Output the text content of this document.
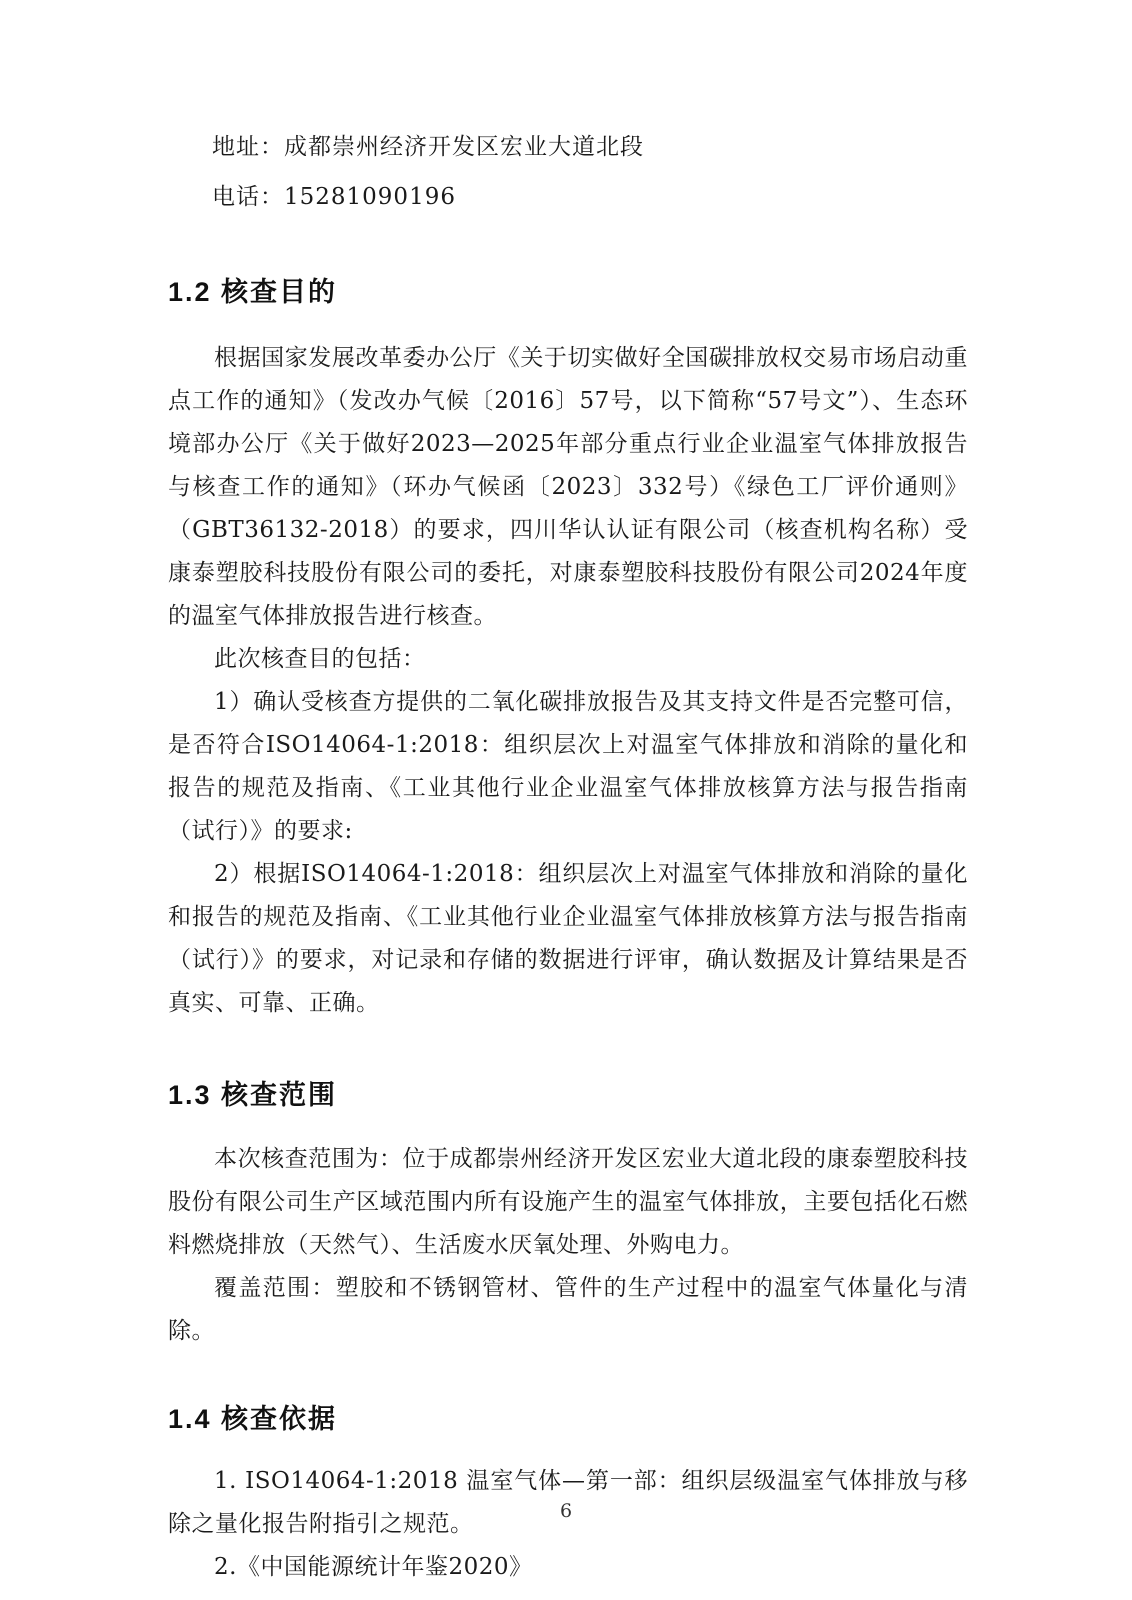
地址：成都崇州经济开发区宏业大道北段
电话：15281090196
1.2 核查目的

根据国家发展改革委办公厅《关于切实做好全国碳排放权交易市场启动重点工作的通知》（发改办气候〔2016〕57号，以下简称“57号文”）、生态环境部办公厅《关于做好2023—2025年部分重点行业企业温室气体排放报告与核查工作的通知》（环办气候函〔2023〕332号）《绿色工厂评价通则》（GBT36132-2018）的要求，四川华认认证有限公司（核查机构名称）受康泰塑胶科技股份有限公司的委托，对康泰塑胶科技股份有限公司2024年度的温室气体排放报告进行核查。

此次核查目的包括：

1）确认受核查方提供的二氧化碳排放报告及其支持文件是否完整可信，是否符合ISO14064-1:2018：组织层次上对温室气体排放和消除的量化和报告的规范及指南、《工业其他行业企业温室气体排放核算方法与报告指南（试行）》的要求:

2）根据ISO14064-1:2018：组织层次上对温室气体排放和消除的量化和报告的规范及指南、《工业其他行业企业温室气体排放核算方法与报告指南（试行）》的要求，对记录和存储的数据进行评审，确认数据及计算结果是否真实、可靠、正确。

1.3 核查范围

本次核查范围为：位于成都崇州经济开发区宏业大道北段的康泰塑胶科技股份有限公司生产区域范围内所有设施产生的温室气体排放，主要包括化石燃料燃烧排放（天然气）、生活废水厌氧处理、外购电力。

覆盖范围：塑胶和不锈钢管材、管件的生产过程中的温室气体量化与清除。

1.4 核查依据

1. ISO14064-1:2018 温室气体—第一部：组织层级温室气体排放与移除之量化报告附指引之规范。

2.《中国能源统计年鉴2020》

6
